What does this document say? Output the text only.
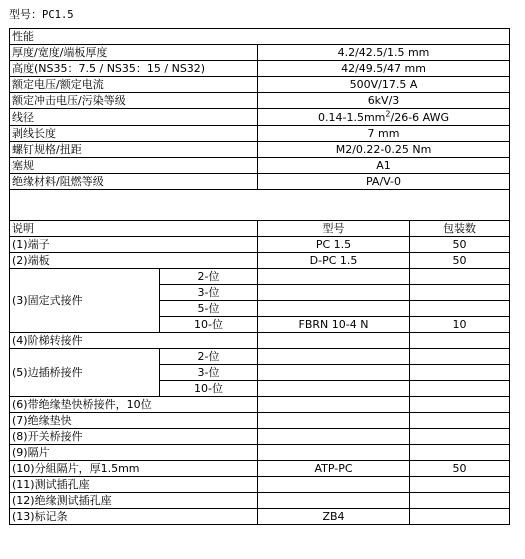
型号：PC1.5
性能			
厚度/宽度/端板厚度		4.2/42.5/1.5 mm	
高度(NS35：7.5 / NS35：15 / NS32)		42/49.5/47 mm	
额定电压/额定电流		500V/17.5 A	
额定冲击电压/污染等级		6kV/3	
线径		$0.14-1.5mm^2/26-6$ AWG	
剥线长度		7 mm	
螺钉规格/扭距		M2/0.22-0.25 Nm	
塞规		A1	
绝缘材料/阻燃等级		PA/V-0	

说明		型号	包装数
(1)端子		PC 1.5	50
(2)端板		D-PC 1.5	50
(3)固定式接件	2-位		
	3-位		
	5-位		
	10-位	FBRN 10-4 N	10
(4)阶梯转接件			
(5)边插桥接件	2-位		
	3-位		
	10-位		
(6)带绝缘垫快桥接件，10位			
(7)绝缘垫快			
(8)开关桥接件			
(9)隔片			
(10)分組隔片，厚1.5mm		ATP-PC	50
(11)测试插孔座			
(12)绝缘测试插孔座			
(13)标记条		ZB4	
